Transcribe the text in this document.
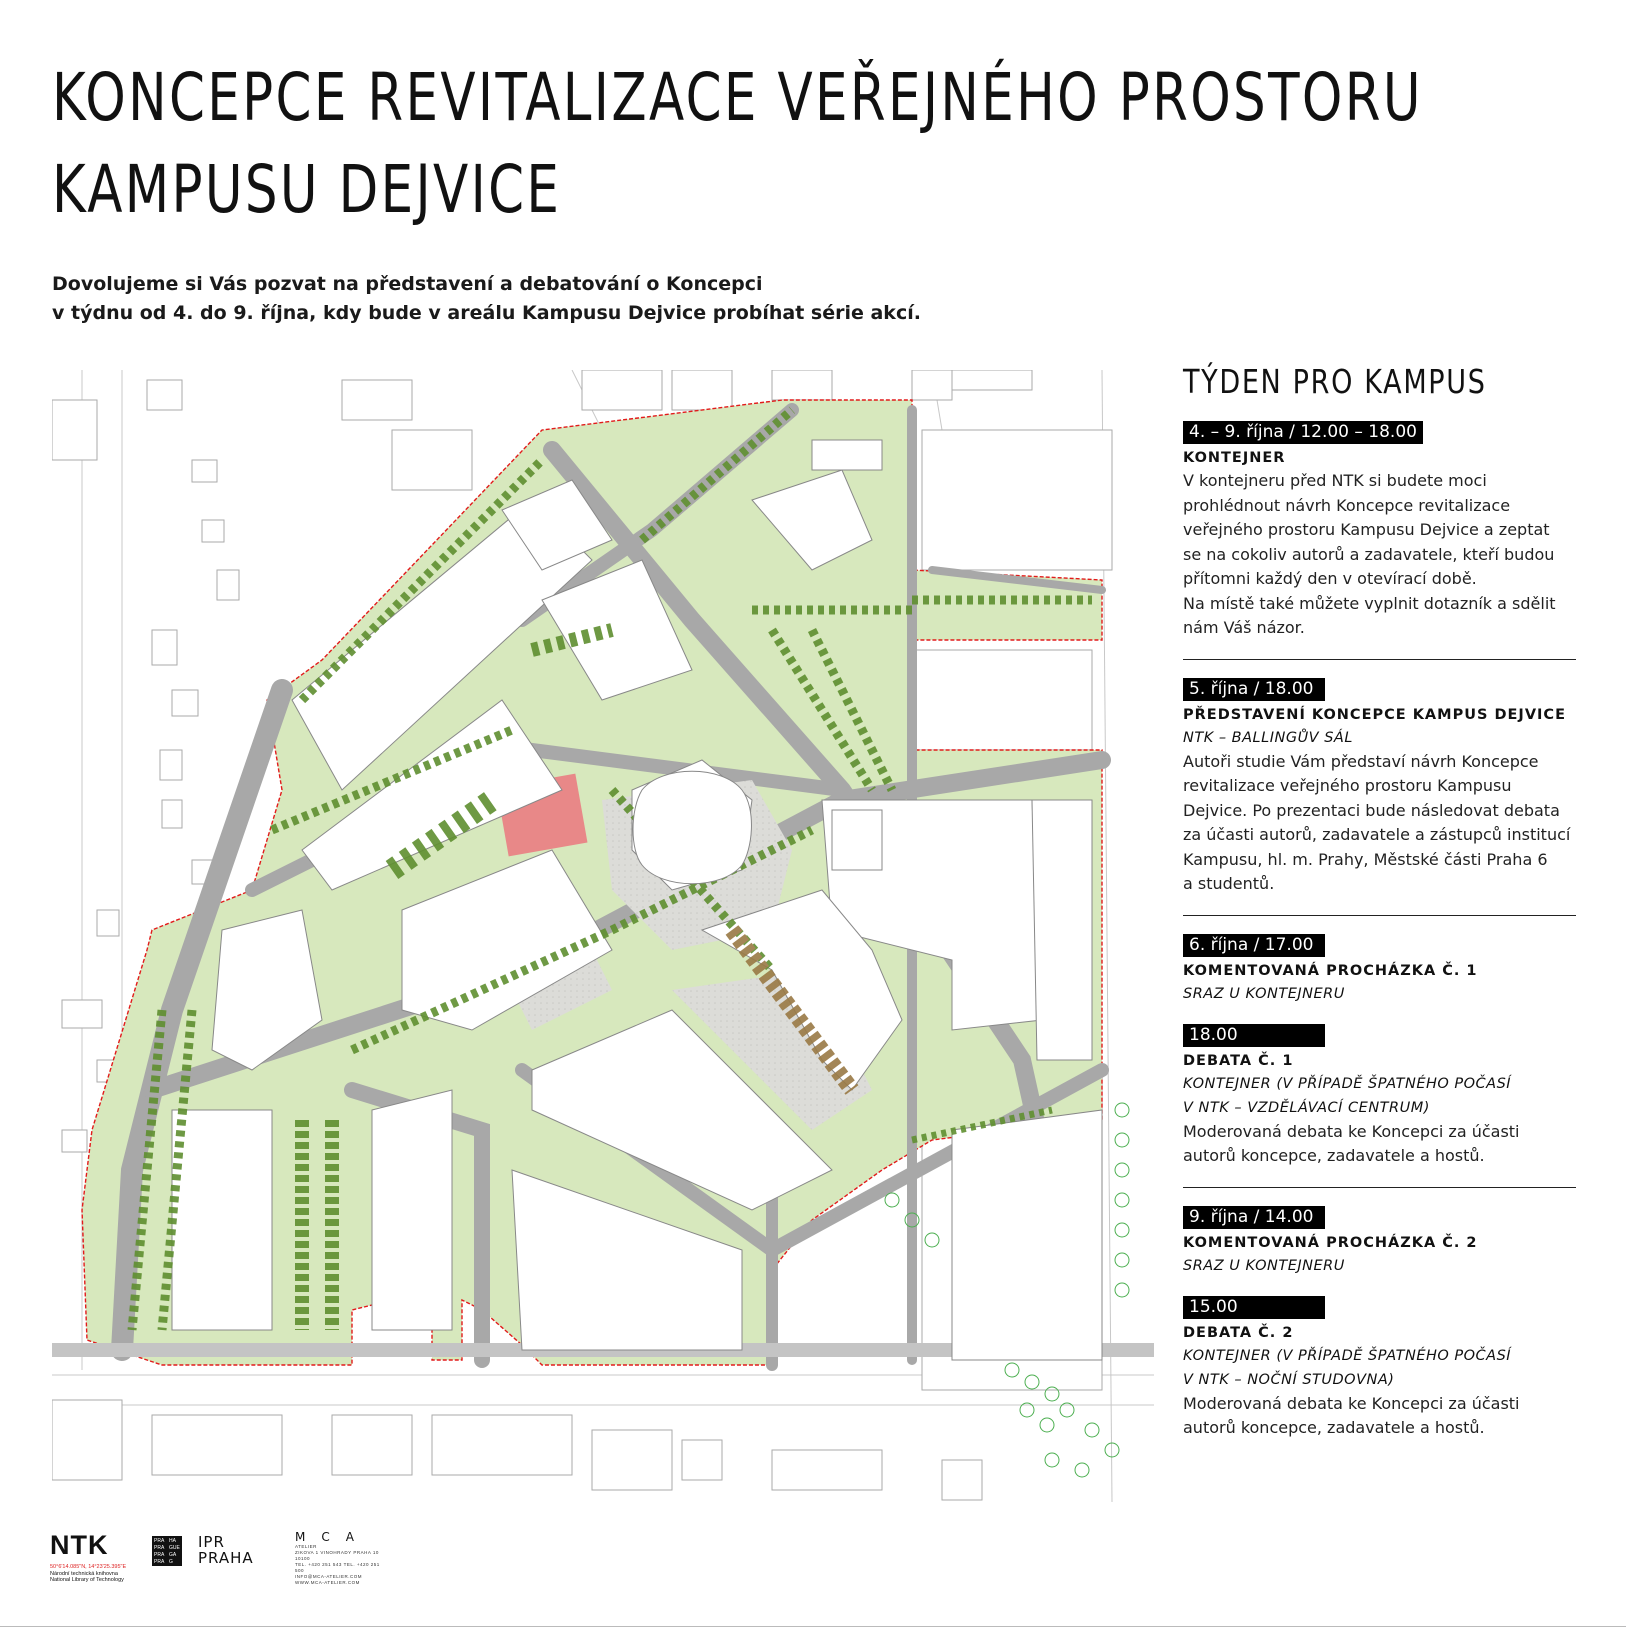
KONCEPCE REVITALIZACE VEŘEJNÉHO PROSTORU
KAMPUSU DEJVICE
Dovolujeme si Vás pozvat na představení a debatování o Koncepci
v týdnu od 4. do 9. října, kdy bude v areálu Kampusu Dejvice probíhat série akcí.
TÝDEN PRO KAMPUS
4. – 9. října / 12.00 – 18.00
KONTEJNER
V kontejneru před NTK si budete moci
prohlédnout návrh Koncepce revitalizace
veřejného prostoru Kampusu Dejvice a zeptat
se na cokoliv autorů a zadavatele, kteří budou
přítomni každý den v otevírací době.
Na místě také můžete vyplnit dotazník a sdělit
nám Váš názor.
5. října / 18.00
PŘEDSTAVENÍ KONCEPCE KAMPUS DEJVICE
NTK – BALLINGŮV SÁL
Autoři studie Vám představí návrh Koncepce
revitalizace veřejného prostoru Kampusu
Dejvice. Po prezentaci bude následovat debata
za účasti autorů, zadavatele a zástupců institucí
Kampusu, hl. m. Prahy, Městské části Praha 6
a studentů.
6. října / 17.00
KOMENTOVANÁ PROCHÁZKA Č. 1
SRAZ U KONTEJNERU
18.00
DEBATA Č. 1
KONTEJNER (V PŘÍPADĚ ŠPATNÉHO POČASÍ
V NTK – VZDĚLÁVACÍ CENTRUM)
Moderovaná debata ke Koncepci za účasti
autorů koncepce, zadavatele a hostů.
9. října / 14.00
KOMENTOVANÁ PROCHÁZKA Č. 2
SRAZ U KONTEJNERU
15.00
DEBATA Č. 2
KONTEJNER (V PŘÍPADĚ ŠPATNÉHO POČASÍ
V NTK – NOČNÍ STUDOVNA)
Moderovaná debata ke Koncepci za účasti
autorů koncepce, zadavatele a hostů.
NTK
50°6'14.085"N, 14°23'25.395"E
Národní technická knihovna
National Library of Technology
PRA HA
PRA GUE
PRA GA
PRA G
IPR
PRAHA
MCA
ATELIER
ZIKOVA 1 VINOHRADY PRAHA 10 10100
TEL. +420 251 543 TEL. +420 251 500
INFO@MCA-ATELIER.COM WWW.MCA-ATELIER.COM
